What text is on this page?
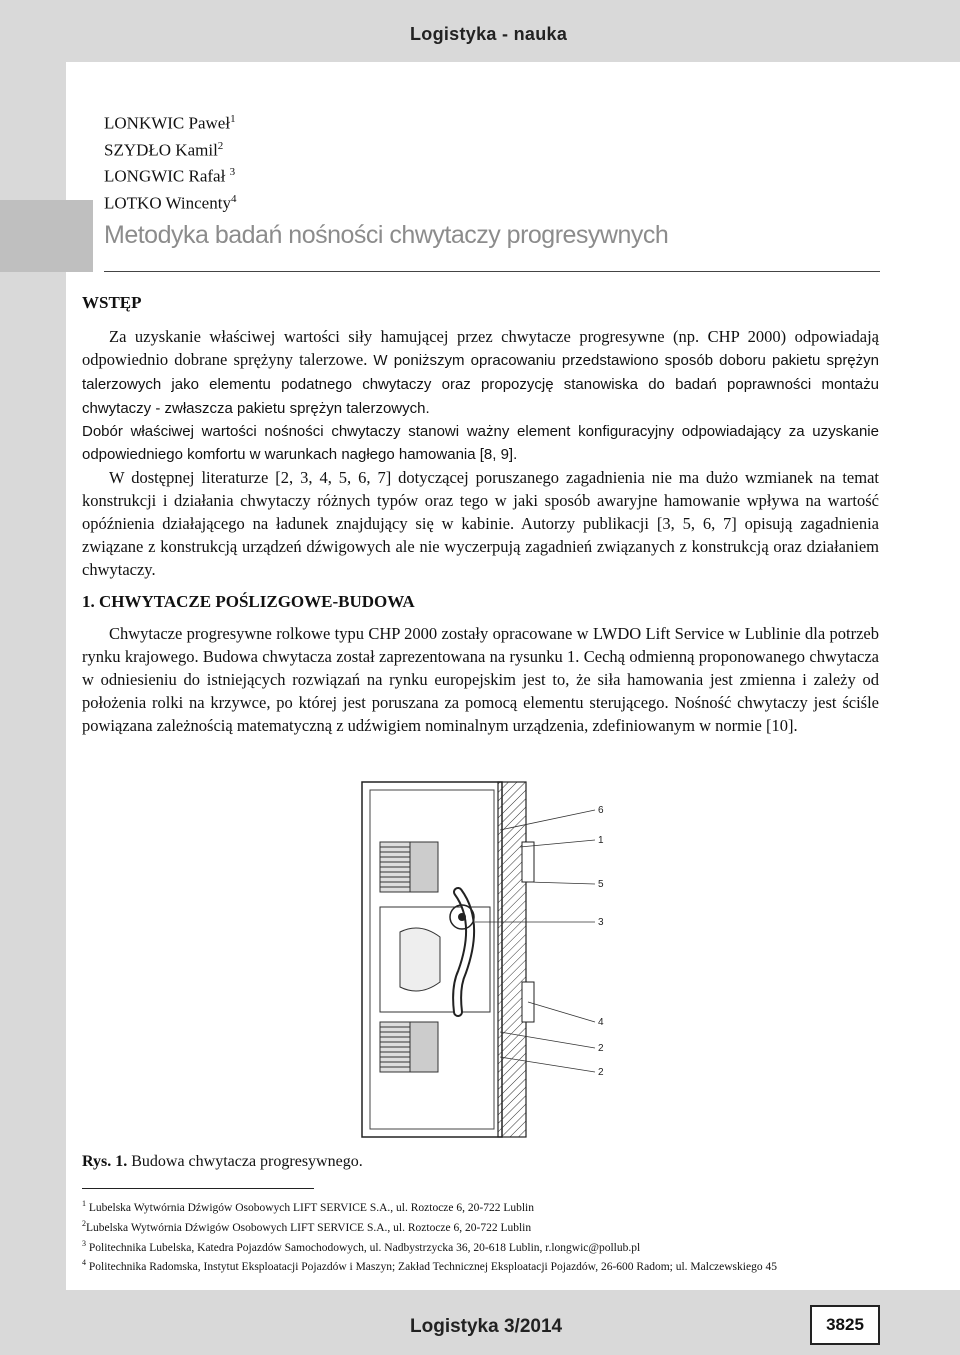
Logistyka - nauka
LONKWIC Paweł$^1$
SZYDŁO Kamil$^2$
LONGWIC Rafał $^3$
LOTKO Wincenty$^4$
Metodyka badań nośności chwytaczy progresywnych
WSTĘP

Za uzyskanie właściwej wartości siły hamującej przez chwytacze progresywne (np. CHP 2000) odpowiadają odpowiednio dobrane sprężyny talerzowe. W poniższym opracowaniu przedstawiono sposób doboru pakietu sprężyn talerzowych jako elementu podatnego chwytaczy oraz propozycję stanowiska do badań poprawności montażu chwytaczy - zwłaszcza pakietu sprężyn talerzowych.

Dobór właściwej wartości nośności chwytaczy stanowi ważny element konfiguracyjny odpowiadający za uzyskanie odpowiedniego komfortu w warunkach nagłego hamowania [8, 9].

W dostępnej literaturze [2, 3, 4, 5, 6, 7] dotyczącej poruszanego zagadnienia nie ma dużo wzmianek na temat konstrukcji i działania chwytaczy różnych typów oraz tego w jaki sposób awaryjne hamowanie wpływa na wartość opóźnienia działającego na ładunek znajdujący się w kabinie. Autorzy publikacji [3, 5, 6, 7] opisują zagadnienia związane z konstrukcją urządzeń dźwigowych ale nie wyczerpują zagadnień związanych z konstrukcją oraz działaniem chwytaczy.

1. CHWYTACZE POŚLIZGOWE-BUDOWA

Chwytacze progresywne rolkowe typu CHP 2000 zostały opracowane w LWDO Lift Service w Lublinie dla potrzeb rynku krajowego. Budowa chwytacza został zaprezentowana na rysunku 1. Cechą odmienną proponowanego chwytacza w odniesieniu do istniejących rozwiązań na rynku europejskim jest to, że siła hamowania jest zmienna i zależy od położenia rolki na krzywce, po której jest poruszana za pomocą elementu sterującego. Nośność chwytaczy jest ściśle powiązana zależnością matematyczną z udźwigiem nominalnym urządzenia, zdefiniowanym w normie [10].

6
1
5
3
4
2
2
Rys. 1. Budowa chwytacza progresywnego.
$^1$ Lubelska Wytwórnia Dźwigów Osobowych LIFT SERVICE S.A., ul. Roztocze 6, 20-722 Lublin
$^2$Lubelska Wytwórnia Dźwigów Osobowych LIFT SERVICE S.A., ul. Roztocze 6, 20-722 Lublin
$^3$ Politechnika Lubelska, Katedra Pojazdów Samochodowych, ul. Nadbystrzycka 36, 20-618 Lublin, r.longwic@pollub.pl
$^4$ Politechnika Radomska, Instytut Eksploatacji Pojazdów i Maszyn; Zakład Technicznej Eksploatacji Pojazdów, 26-600 Radom; ul. Malczewskiego 45
Logistyka 3/2014	3825
